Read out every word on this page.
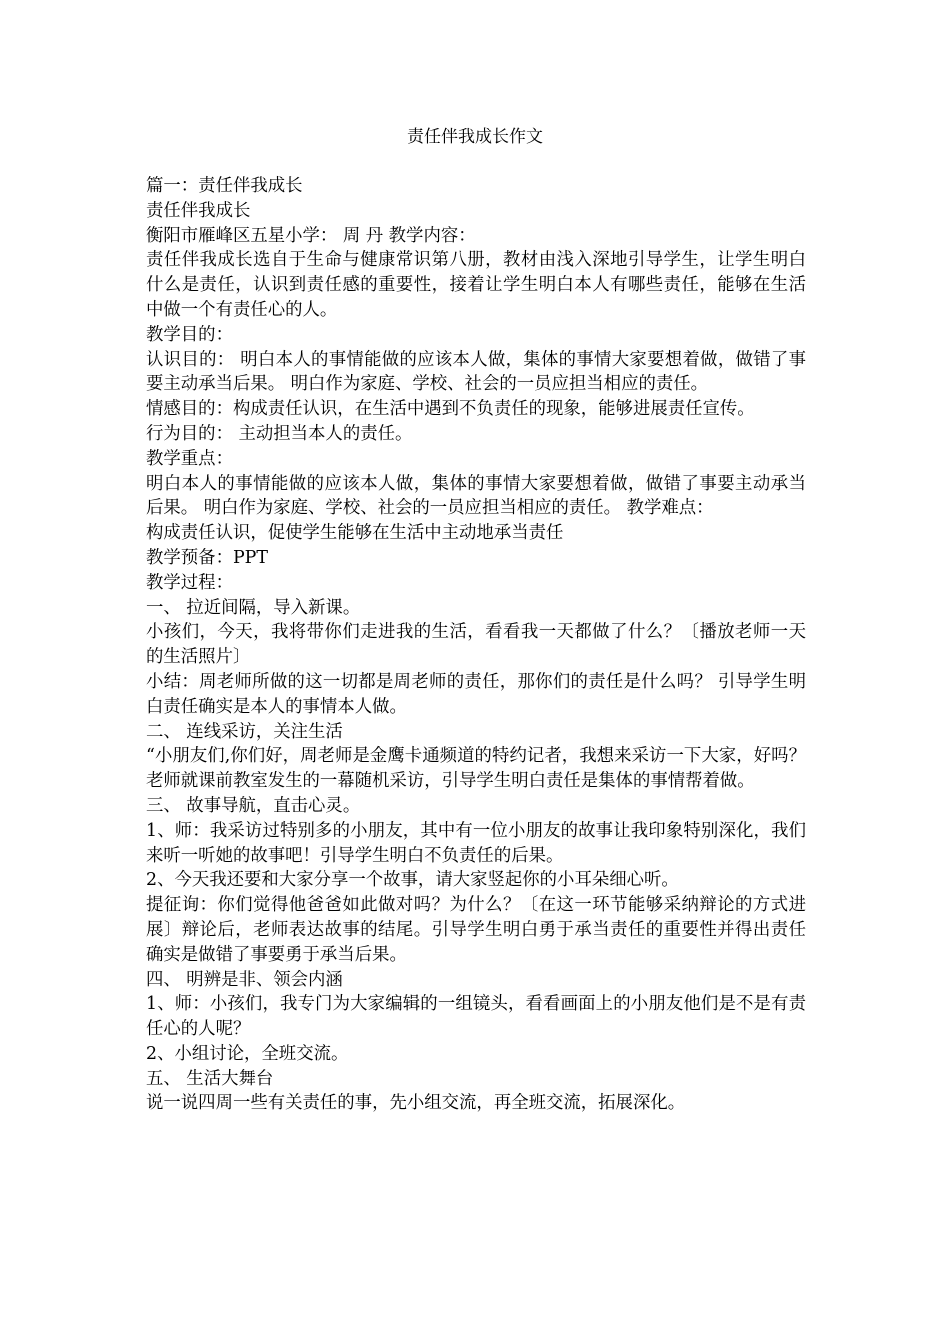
责任伴我成长作文

篇一：责任伴我成长

责任伴我成长

衡阳市雁峰区五星小学： 周 丹 教学内容：

责任伴我成长选自于生命与健康常识第八册，教材由浅入深地引导学生，让学生明白什么是责任，认识到责任感的重要性，接着让学生明白本人有哪些责任，能够在生活中做一个有责任心的人。

教学目的：

认识目的： 明白本人的事情能做的应该本人做，集体的事情大家要想着做，做错了事要主动承当后果。 明白作为家庭、学校、社会的一员应担当相应的责任。

情感目的：构成责任认识，在生活中遇到不负责任的现象，能够进展责任宣传。

行为目的： 主动担当本人的责任。

教学重点：

明白本人的事情能做的应该本人做，集体的事情大家要想着做，做错了事要主动承当后果。 明白作为家庭、学校、社会的一员应担当相应的责任。 教学难点：

构成责任认识，促使学生能够在生活中主动地承当责任

教学预备：PPT

教学过程：

一、 拉近间隔，导入新课。

小孩们，今天，我将带你们走进我的生活，看看我一天都做了什么？〔播放老师一天的生活照片〕

小结：周老师所做的这一切都是周老师的责任，那你们的责任是什么吗？ 引导学生明白责任确实是本人的事情本人做。

二、 连线采访，关注生活

“小朋友们,你们好，周老师是金鹰卡通频道的特约记者，我想来采访一下大家，好吗？老师就课前教室发生的一幕随机采访，引导学生明白责任是集体的事情帮着做。

三、 故事导航，直击心灵。

1、师：我采访过特别多的小朋友，其中有一位小朋友的故事让我印象特别深化，我们来听一听她的故事吧！引导学生明白不负责任的后果。

2、今天我还要和大家分享一个故事，请大家竖起你的小耳朵细心听。

提征询：你们觉得他爸爸如此做对吗？为什么？〔在这一环节能够采纳辩论的方式进展〕辩论后，老师表达故事的结尾。引导学生明白勇于承当责任的重要性并得出责任确实是做错了事要勇于承当后果。

四、 明辨是非、领会内涵

1、师：小孩们，我专门为大家编辑的一组镜头，看看画面上的小朋友他们是不是有责任心的人呢？

2、小组讨论，全班交流。

五、 生活大舞台

说一说四周一些有关责任的事，先小组交流，再全班交流，拓展深化。
